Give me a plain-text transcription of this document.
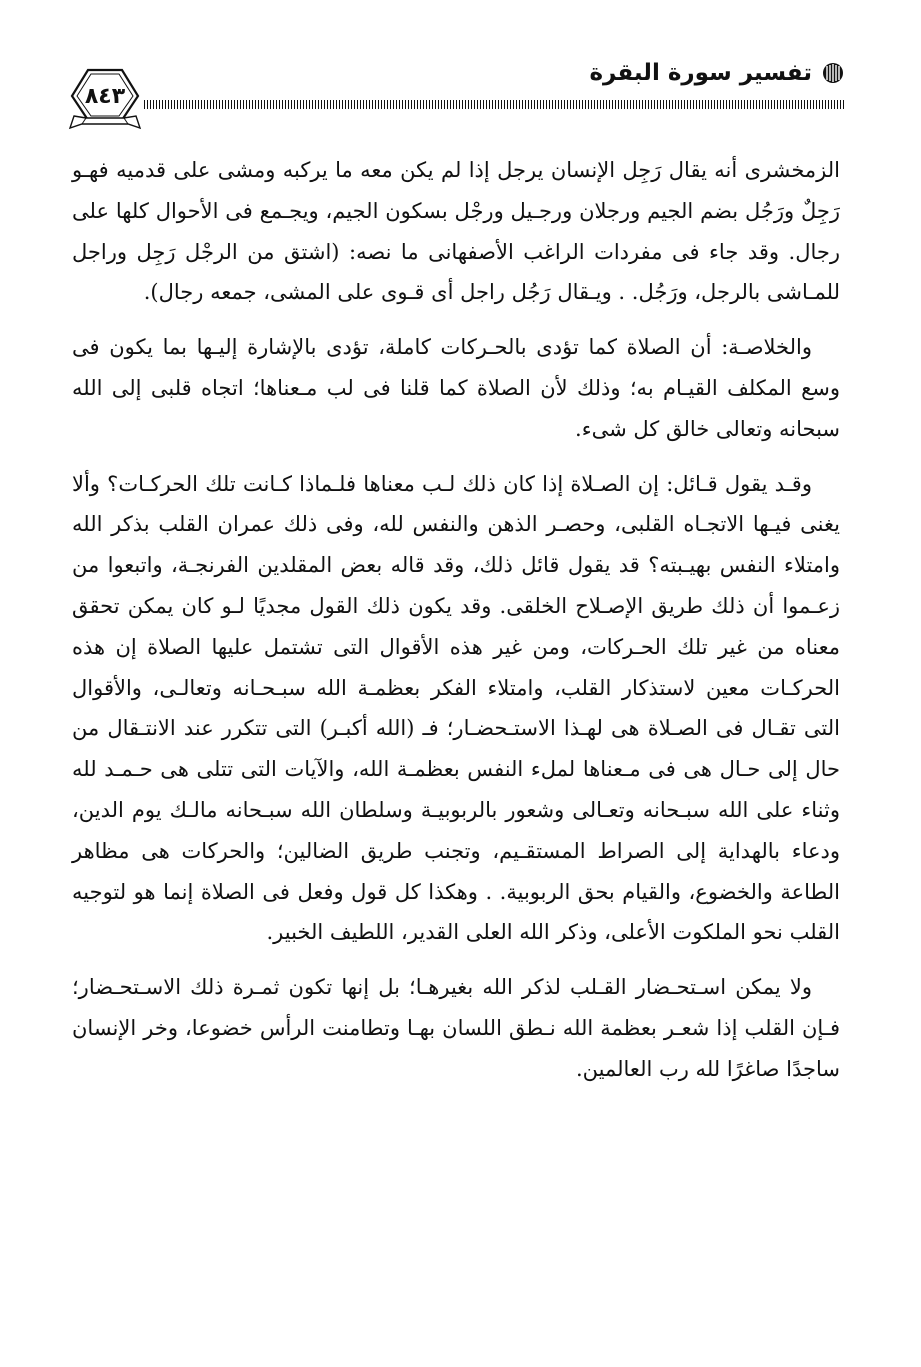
تفسير سورة البقرة
٨٤٣

الزمخشرى أنه يقال رَجِل الإنسان يرجل إذا لم يكن معه ما يركبه ومشى على قدميه فهـو رَجِلٌ ورَجُل بضم الجيم ورجلان ورجـيل ورجْل بسكون الجيم، ويجـمع فى الأحوال كلها على رجال. وقد جاء فى مفردات الراغب الأصفهانى ما نصه: (اشتق من الرجْل رَجِل وراجل للمـاشى بالرجل، ورَجُل. . ويـقال رَجُل راجل أى قـوى على المشى، جمعه رجال).

والخلاصـة: أن الصلاة كما تؤدى بالحـركات كاملة، تؤدى بالإشارة إليـها بما يكون فى وسع المكلف القيـام به؛ وذلك لأن الصلاة كما قلنا فى لب مـعناها؛ اتجاه قلبى إلى الله سبحانه وتعالى خالق كل شىء.

وقـد يقول قـائل: إن الصـلاة إذا كان ذلك لـب معناها فلـماذا كـانت تلك الحركـات؟ وألا يغنى فيـها الاتجـاه القلبى، وحصـر الذهن والنفس لله، وفى ذلك عمران القلب بذكر الله وامتلاء النفس بهيـبته؟ قد يقول قائل ذلك، وقد قاله بعض المقلدين الفرنجـة، واتبعوا من زعـموا أن ذلك طريق الإصـلاح الخلقى. وقد يكون ذلك القول مجديًا لـو كان يمكن تحقق معناه من غير تلك الحـركات، ومن غير هذه الأقوال التى تشتمل عليها الصلاة إن هذه الحركـات معين لاستذكار القلب، وامتلاء الفكر بعظمـة الله سبـحـانه وتعالـى، والأقوال التى تقـال فى الصـلاة هى لهـذا الاستـحضـار؛ فـ (الله أكبـر) التى تتكرر عند الانتـقال من حال إلى حـال هى فى مـعناها لملء النفس بعظمـة الله، والآيات التى تتلى هى حـمـد لله وثناء على الله سبـحانه وتعـالى وشعور بالربوبيـة وسلطان الله سبـحانه مالـك يوم الدين، ودعاء بالهداية إلى الصراط المستقـيم، وتجنب طريق الضالين؛ والحركات هى مظاهر الطاعة والخضوع، والقيام بحق الربوبية. . وهكذا كل قول وفعل فى الصلاة إنما هو لتوجيه القلب نحو الملكوت الأعلى، وذكر الله العلى القدير، اللطيف الخبير.

ولا يمكن اسـتحـضار القـلب لذكر الله بغيرهـا؛ بل إنها تكون ثمـرة ذلك الاسـتحـضار؛ فـإن القلب إذا شعـر بعظمة الله نـطق اللسان بهـا وتطامنت الرأس خضوعا، وخر الإنسان ساجدًا صاغرًا لله رب العالمين.
